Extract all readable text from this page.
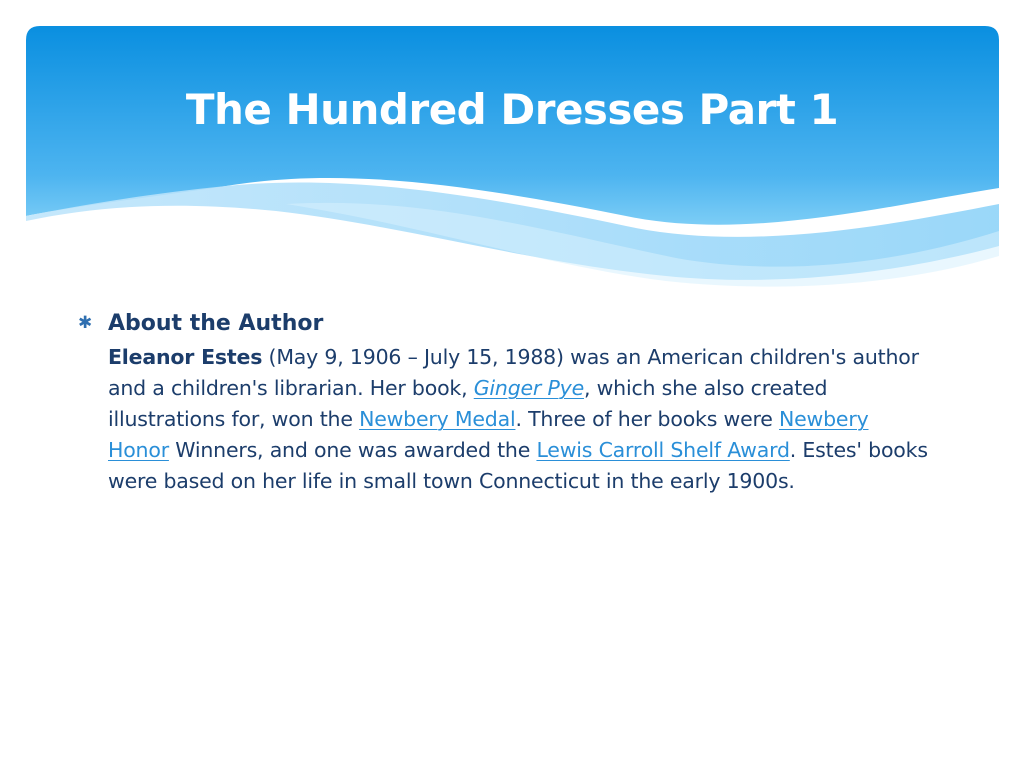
The Hundred Dresses Part 1
✱ About the Author

Eleanor Estes (May 9, 1906 – July 15, 1988) was an American children's author and a children's librarian. Her book, Ginger Pye, which she also created illustrations for, won the Newbery Medal. Three of her books were Newbery Honor Winners, and one was awarded the Lewis Carroll Shelf Award. Estes' books were based on her life in small town Connecticut in the early 1900s.
